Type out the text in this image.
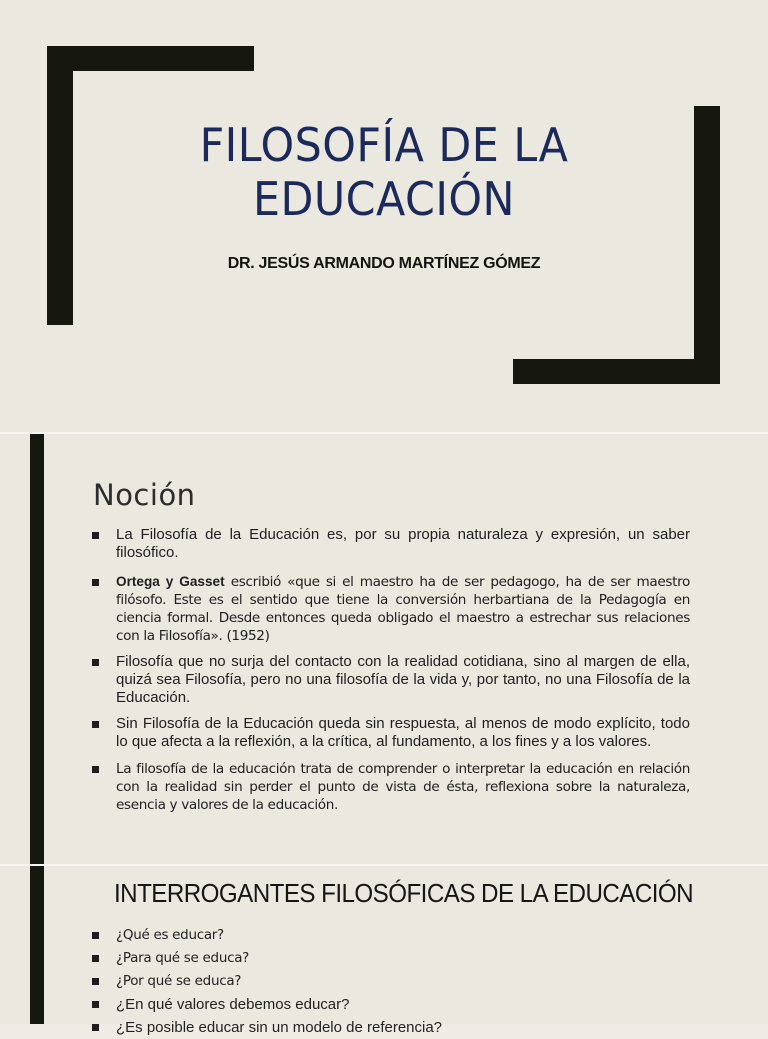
FILOSOFÍA DE LA
EDUCACIÓN
DR. JESÚS ARMANDO MARTÍNEZ GÓMEZ
Noción
La Filosofía de la Educación es, por su propia naturaleza y expresión, un saber filosófico.
Ortega y Gasset escribió «que si el maestro ha de ser pedagogo, ha de ser maestro filósofo. Este es el sentido que tiene la conversión herbartiana de la Pedagogía en ciencia formal. Desde entonces queda obligado el maestro a estrechar sus relaciones con la Filosofía». (1952)
Filosofía que no surja del contacto con la realidad cotidiana, sino al margen de ella, quizá sea Filosofía, pero no una filosofía de la vida y, por tanto, no una Filosofía de la Educación.
Sin Filosofía de la Educación queda sin respuesta, al menos de modo explícito, todo lo que afecta a la reflexión, a la crítica, al fundamento, a los fines y a los valores.
La filosofía de la educación trata de comprender o interpretar la educación en relación con la realidad sin perder el punto de vista de ésta, reflexiona sobre la naturaleza, esencia y valores de la educación.
INTERROGANTES FILOSÓFICAS DE LA EDUCACIÓN
¿Qué es educar?
¿Para qué se educa?
¿Por qué se educa?
¿En qué valores debemos educar?
¿Es posible educar sin un modelo de referencia?
